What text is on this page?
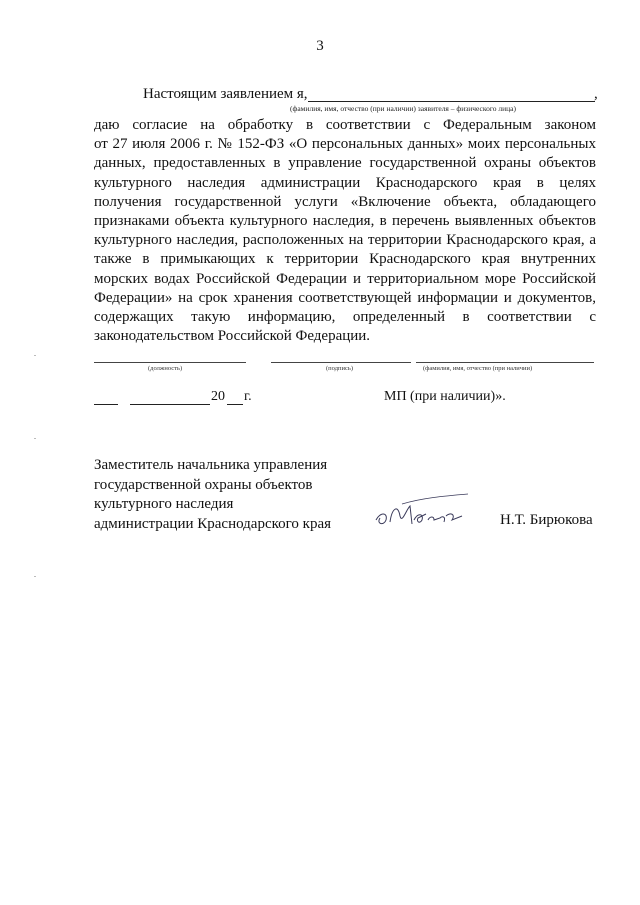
3
Настоящим заявлением я,	,
(фамилия, имя, отчество (при наличии) заявителя – физического лица)
даю согласие на обработку в соответствии с Федеральным законом
от 27 июля 2006 г. № 152-ФЗ «О персональных данных» моих персональных
данных, предоставленных в управление государственной охраны объектов
культурного наследия администрации Краснодарского края в целях
получения государственной услуги «Включение объекта, обладающего
признаками объекта культурного наследия, в перечень выявленных объектов
культурного наследия, расположенных на территории Краснодарского края, а
также в примыкающих к территории Краснодарского края внутренних
морских водах Российской Федерации и территориальном море Российской
Федерации» на срок хранения соответствующей информации и документов,
содержащих такую информацию, определенный в соответствии с
законодательством Российской Федерации.
(должность)	(подпись)	(фамилия, имя, отчество (при наличии)
20 г.	МП (при наличии)».
Заместитель начальника управления
государственной охраны объектов
культурного наследия
администрации Краснодарского края	Н.Т. Бирюкова
